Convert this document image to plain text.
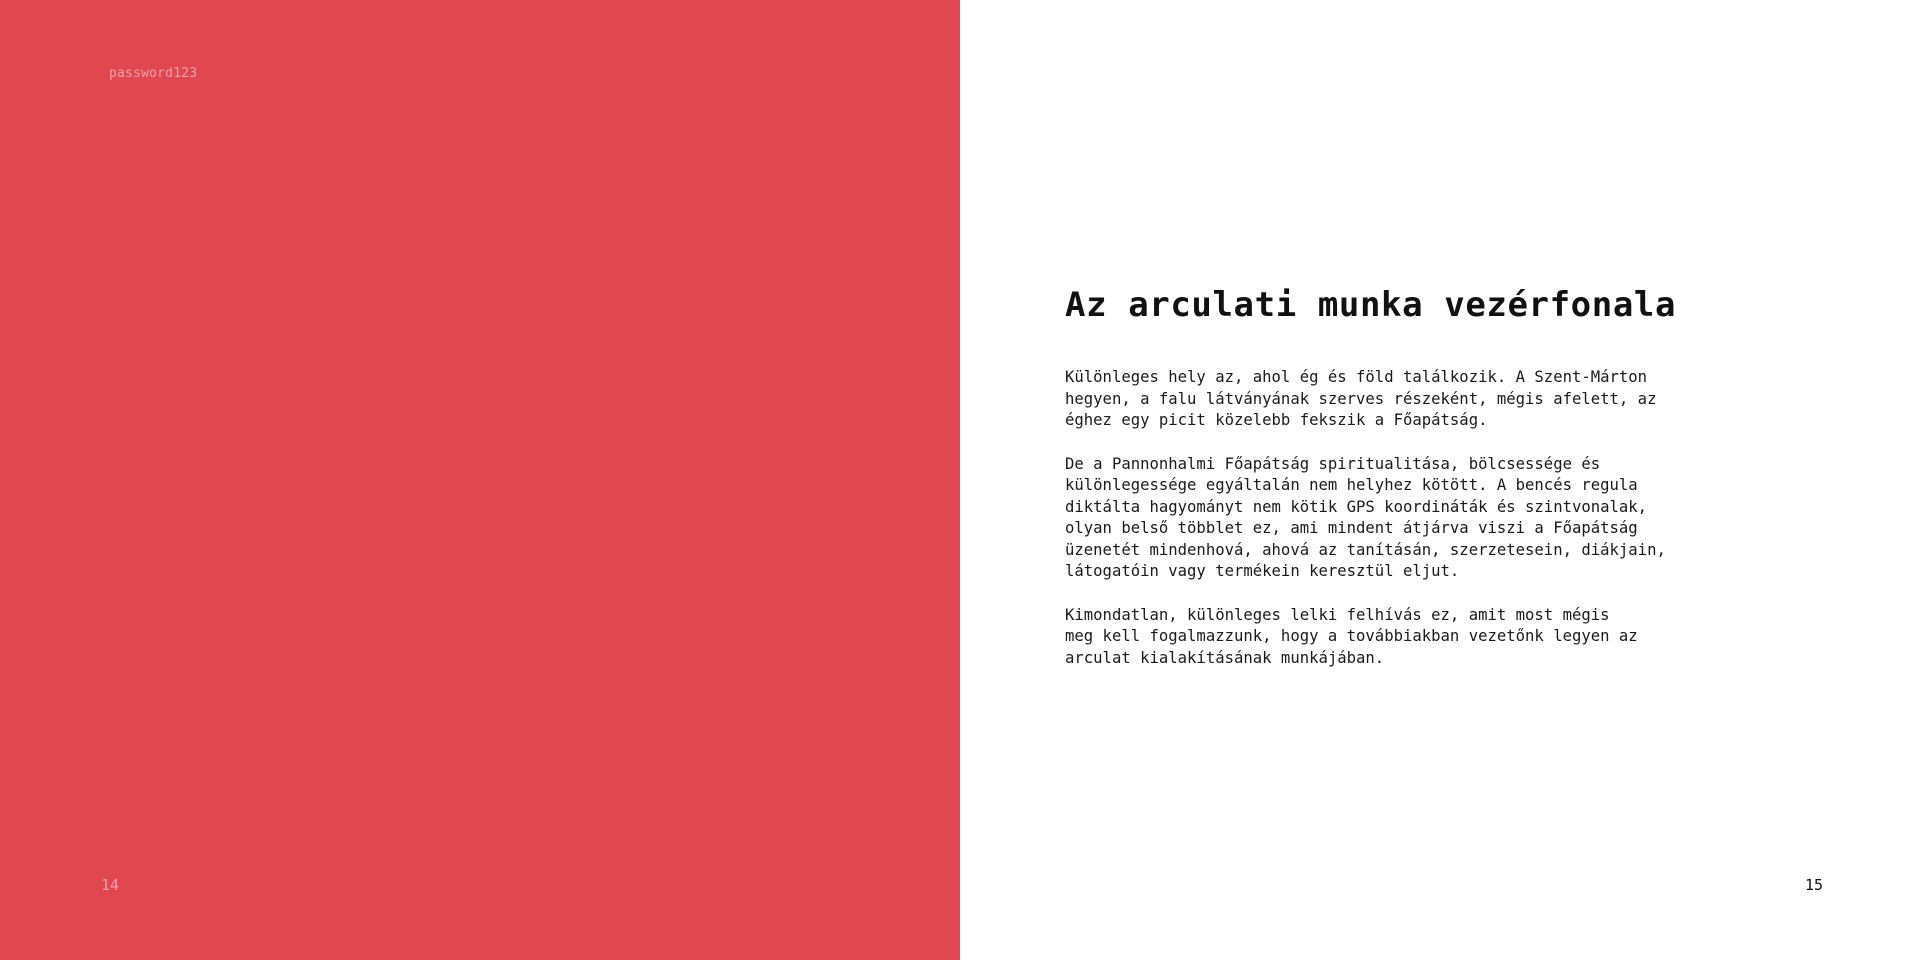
password123
14
Az arculati munka vezérfonala

Különleges hely az, ahol ég és föld találkozik. A Szent-Márton
hegyen, a falu látványának szerves részeként, mégis afelett, az
éghez egy picit közelebb fekszik a Főapátság.

De a Pannonhalmi Főapátság spiritualitása, bölcsessége és
különlegessége egyáltalán nem helyhez kötött. A bencés regula
diktálta hagyományt nem kötik GPS koordináták és szintvonalak,
olyan belső többlet ez, ami mindent átjárva viszi a Főapátság
üzenetét mindenhová, ahová az tanításán, szerzetesein, diákjain,
látogatóin vagy termékein keresztül eljut.

Kimondatlan, különleges lelki felhívás ez, amit most mégis
meg kell fogalmazzunk, hogy a továbbiakban vezetőnk legyen az
arculat kialakításának munkájában.

15
